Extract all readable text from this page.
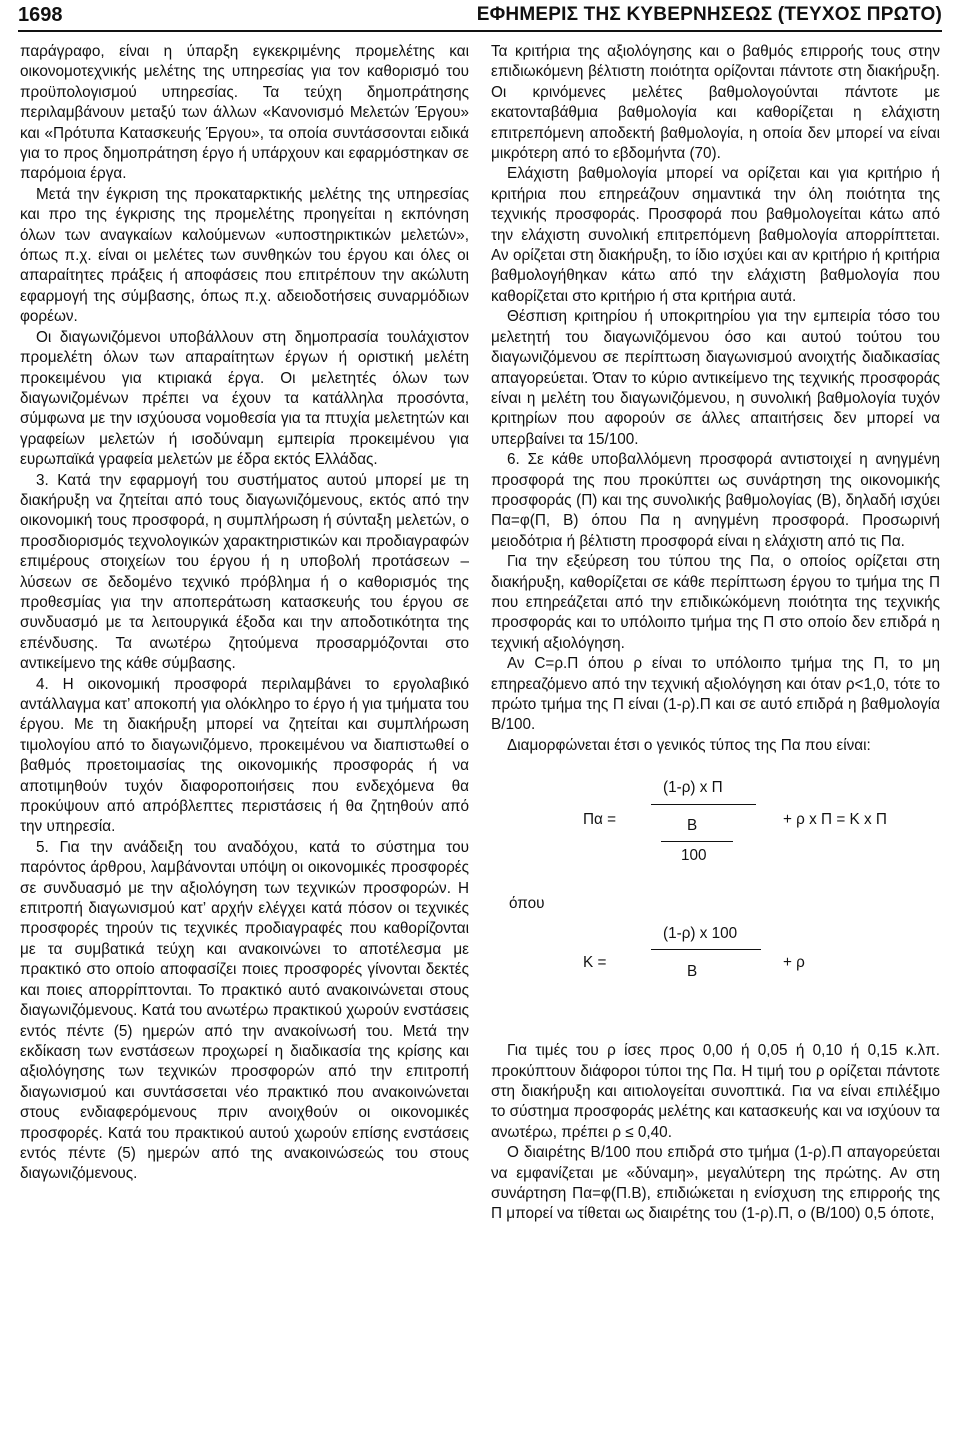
1698	ΕΦΗΜΕΡΙΣ ΤΗΣ ΚΥΒΕΡΝΗΣΕΩΣ (ΤΕΥΧΟΣ ΠΡΩΤΟ)

παράγραφο, είναι η ύπαρξη εγκεκριμένης προμελέτης και οικονομοτεχνικής μελέτης της υπηρεσίας για τον καθορισμό του προϋπολογισμού υπηρεσίας. Τα τεύχη δημοπράτησης περιλαμβάνουν μεταξύ των άλλων «Κανονισμό Μελετών Έργου» και «Πρότυπα Κατασκευής Έργου», τα οποία συντάσσονται ειδικά για το προς δημοπράτηση έργο ή υπάρχουν και εφαρμόστηκαν σε παρόμοια έργα.

Μετά την έγκριση της προκαταρκτικής μελέτης της υπηρεσίας και προ της έγκρισης της προμελέτης προηγείται η εκπόνηση όλων των αναγκαίων καλούμενων «υποστηρικτικών μελετών», όπως π.χ. είναι οι μελέτες των συνθηκών του έργου και όλες οι απαραίτητες πράξεις ή αποφάσεις που επιτρέπουν την ακώλυτη εφαρμογή της σύμβασης, όπως π.χ. αδειοδοτήσεις συναρμόδιων φορέων.

Οι διαγωνιζόμενοι υποβάλλουν στη δημοπρασία τουλάχιστον προμελέτη όλων των απαραίτητων έργων ή οριστική μελέτη προκειμένου για κτιριακά έργα. Οι μελετητές όλων των διαγωνιζομένων πρέπει να έχουν τα κατάλληλα προσόντα, σύμφωνα με την ισχύουσα νομοθεσία για τα πτυχία μελετητών και γραφείων μελετών ή ισοδύναμη εμπειρία προκειμένου για ευρωπαϊκά γραφεία μελετών με έδρα εκτός Ελλάδας.

3. Κατά την εφαρμογή του συστήματος αυτού μπορεί με τη διακήρυξη να ζητείται από τους διαγωνιζόμενους, εκτός από την οικονομική τους προσφορά, η συμπλήρωση ή σύνταξη μελετών, ο προσδιορισμός τεχνολογικών χαρακτηριστικών και προδιαγραφών επιμέρους στοιχείων του έργου ή η υποβολή προτάσεων – λύσεων σε δεδομένο τεχνικό πρόβλημα ή ο καθορισμός της προθεσμίας για την αποπεράτωση κατασκευής του έργου σε συνδυασμό με τα λειτουργικά έξοδα και την αποδοτικότητα της επένδυσης. Τα ανωτέρω ζητούμενα προσαρμόζονται στο αντικείμενο της κάθε σύμβασης.

4. Η οικονομική προσφορά περιλαμβάνει το εργολαβικό αντάλλαγμα κατ’ αποκοπή για ολόκληρο το έργο ή για τμήματα του έργου. Με τη διακήρυξη μπορεί να ζητείται και συμπλήρωση τιμολογίου από το διαγωνιζόμενο, προκειμένου να διαπιστωθεί ο βαθμός προετοιμασίας της οικονομικής προσφοράς ή να αποτιμηθούν τυχόν διαφοροποιήσεις που ενδεχόμενα θα προκύψουν από απρόβλεπτες περιστάσεις ή θα ζητηθούν από την υπηρεσία.

5. Για την ανάδειξη του αναδόχου, κατά το σύστημα του παρόντος άρθρου, λαμβάνονται υπόψη οι οικονομικές προσφορές σε συνδυασμό με την αξιολόγηση των τεχνικών προσφορών. Η επιτροπή διαγωνισμού κατ’ αρχήν ελέγχει κατά πόσον οι τεχνικές προσφορές τηρούν τις τεχνικές προδιαγραφές που καθορίζονται με τα συμβατικά τεύχη και ανακοινώνει το αποτέλεσμα με πρακτικό στο οποίο αποφασίζει ποιες προσφορές γίνονται δεκτές και ποιες απορρίπτονται. Το πρακτικό αυτό ανακοινώνεται στους διαγωνιζόμενους. Κατά του ανωτέρω πρακτικού χωρούν ενστάσεις εντός πέντε (5) ημερών από την ανακοίνωσή του. Μετά την εκδίκαση των ενστάσεων προχωρεί η διαδικασία της κρίσης και αξιολόγησης των τεχνικών προσφορών από την επιτροπή διαγωνισμού και συντάσσεται νέο πρακτικό που ανακοινώνεται στους ενδιαφερόμενους πριν ανοιχθούν οι οικονομικές προσφορές. Κατά του πρακτικού αυτού χωρούν επίσης ενστάσεις εντός πέντε (5) ημερών από της ανακοινώσεώς του στους διαγωνιζόμενους.

Τα κριτήρια της αξιολόγησης και ο βαθμός επιρροής τους στην επιδιωκόμενη βέλτιστη ποιότητα ορίζονται πάντοτε στη διακήρυξη. Οι κρινόμενες μελέτες βαθμολογούνται πάντοτε με εκατονταβάθμια βαθμολογία και καθορίζεται η ελάχιστη επιτρεπόμενη αποδεκτή βαθμολογία, η οποία δεν μπορεί να είναι μικρότερη από το εβδομήντα (70).

Ελάχιστη βαθμολογία μπορεί να ορίζεται και για κριτήριο ή κριτήρια που επηρεάζουν σημαντικά την όλη ποιότητα της τεχνικής προσφοράς. Προσφορά που βαθμολογείται κάτω από την ελάχιστη συνολική επιτρεπόμενη βαθμολογία απορρίπτεται. Αν ορίζεται στη διακήρυξη, το ίδιο ισχύει και αν κριτήριο ή κριτήρια βαθμολογήθηκαν κάτω από την ελάχιστη βαθμολογία που καθορίζεται στο κριτήριο ή στα κριτήρια αυτά.

Θέσπιση κριτηρίου ή υποκριτηρίου για την εμπειρία τόσο του μελετητή του διαγωνιζόμενου όσο και αυτού τούτου του διαγωνιζόμενου σε περίπτωση διαγωνισμού ανοιχτής διαδικασίας απαγορεύεται. Όταν το κύριο αντικείμενο της τεχνικής προσφοράς είναι η μελέτη του διαγωνιζόμενου, η συνολική βαθμολογία τυχόν κριτηρίων που αφορούν σε άλλες απαιτήσεις δεν μπορεί να υπερβαίνει τα 15/100.

6. Σε κάθε υποβαλλόμενη προσφορά αντιστοιχεί η ανηγμένη προσφορά της που προκύπτει ως συνάρτηση της οικονομικής προσφοράς (Π) και της συνολικής βαθμολογίας (Β), δηλαδή ισχύει Πα=φ(Π, Β) όπου Πα η ανηγμένη προσφορά. Προσωρινή μειοδότρια ή βέλτιστη προσφορά είναι η ελάχιστη από τις Πα.

Για την εξεύρεση του τύπου της Πα, ο οποίος ορίζεται στη διακήρυξη, καθορίζεται σε κάθε περίπτωση έργου το τμήμα της Π που επηρεάζεται από την επιδικώκόμενη ποιότητα της τεχνικής προσφοράς και το υπόλοιπο τμήμα της Π στο οποίο δεν επιδρά η τεχνική αξιολόγηση.

Αν C=ρ.Π όπου ρ είναι το υπόλοιπο τμήμα της Π, το μη επηρεαζόμενο από την τεχνική αξιολόγηση και όταν ρ<1,0, τότε το πρώτο τμήμα της Π είναι (1-ρ).Π και σε αυτό επιδρά η βαθμολογία Β/100.

Διαμορφώνεται έτσι ο γενικός τύπος της Πα που είναι:

Πα =
(1-ρ) x Π
Β
100
+ ρ x Π = Κ x Π
όπου
Κ =
(1-ρ) x 100
Β
+ ρ

Για τιμές του ρ ίσες προς 0,00 ή 0,05 ή 0,10 ή 0,15 κ.λπ. προκύπτουν διάφοροι τύποι της Πα. Η τιμή του ρ ορίζεται πάντοτε στη διακήρυξη και αιτιολογείται συνοπτικά. Για να είναι επιλέξιμο το σύστημα προσφοράς μελέτης και κατασκευής και να ισχύουν τα ανωτέρω, πρέπει ρ ≤ 0,40.

Ο διαιρέτης Β/100 που επιδρά στο τμήμα (1-ρ).Π απαγορεύεται να εμφανίζεται με «δύναμη», μεγαλύτερη της πρώτης. Αν στη συνάρτηση Πα=φ(Π.Β), επιδιώκεται η ενίσχυση της επιρροής της Π μπορεί να τίθεται ως διαιρέτης του (1-ρ).Π, ο (Β/100) 0,5 όποτε,
